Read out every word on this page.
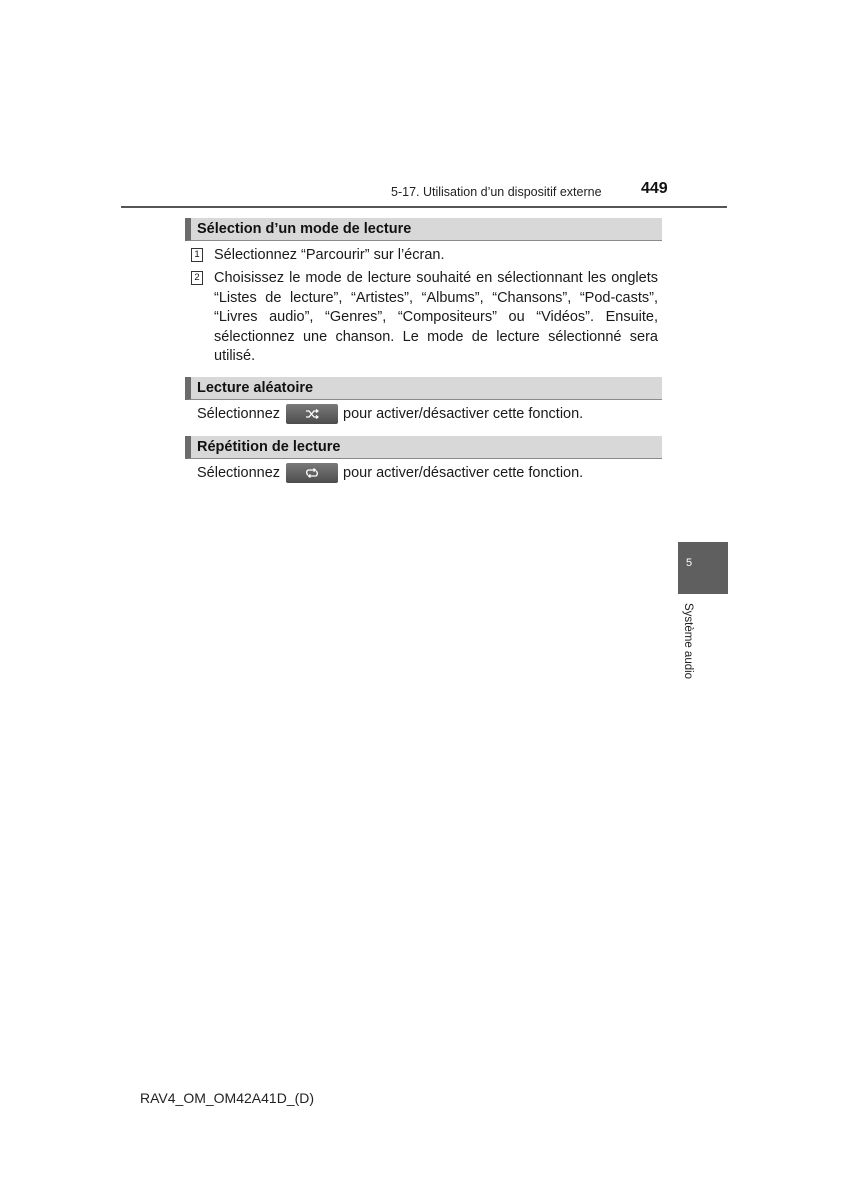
5-17. Utilisation d’un dispositif externe 449
Sélection d’un mode de lecture
1 Sélectionnez “Parcourir” sur l’écran.
2 Choisissez le mode de lecture souhaité en sélectionnant les onglets “Listes de lecture”, “Artistes”, “Albums”, “Chansons”, “Pod-casts”, “Livres audio”, “Genres”, “Compositeurs” ou “Vidéos”. Ensuite, sélectionnez une chanson. Le mode de lecture sélectionné sera utilisé.
Lecture aléatoire
Sélectionnez	pour activer/désactiver cette fonction.
Répétition de lecture
Sélectionnez	pour activer/désactiver cette fonction.
5
Système audio
RAV4_OM_OM42A41D_(D)
